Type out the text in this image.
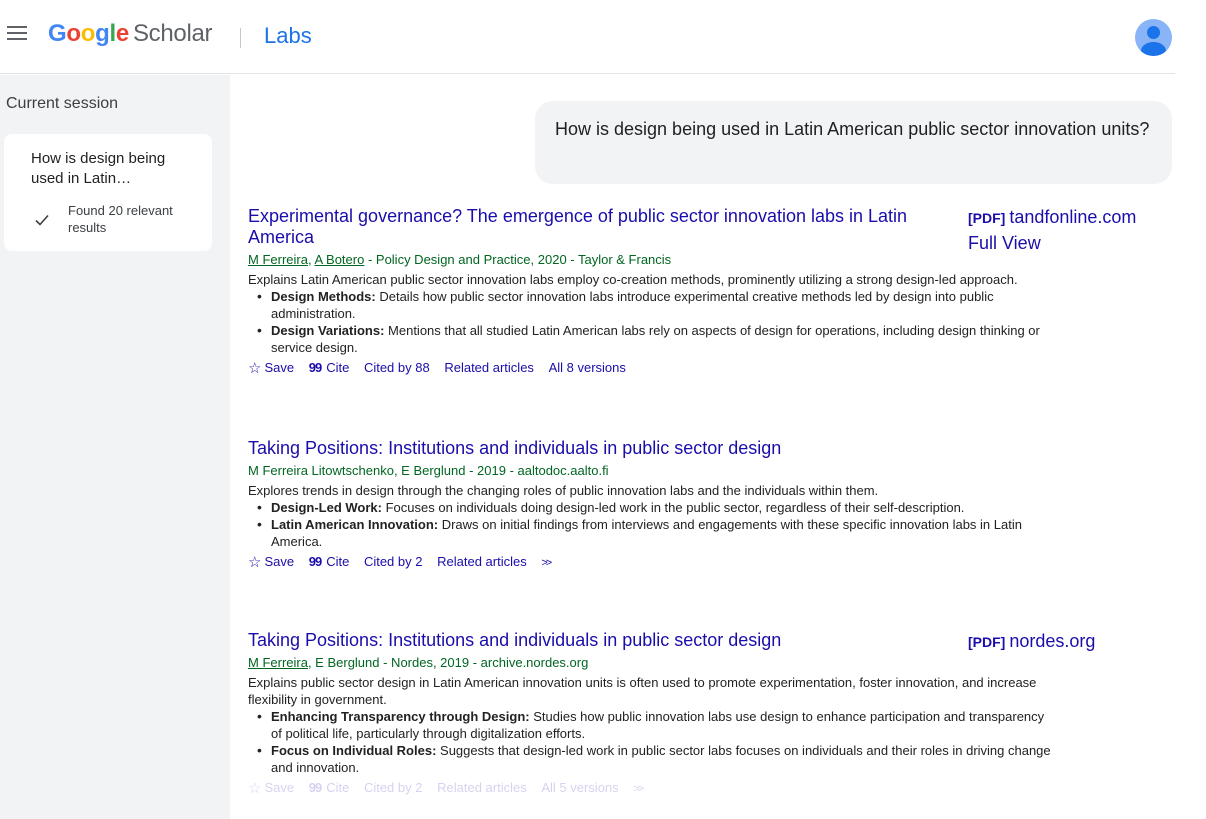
Google Scholar Labs
Current session
How is design being used in Latin…
Found 20 relevant results
How is design being used in Latin American public sector innovation units?
Experimental governance? The emergence of public sector innovation labs in Latin America
M Ferreira, A Botero - Policy Design and Practice, 2020 - Taylor & Francis
Explains Latin American public sector innovation labs employ co-creation methods, prominently utilizing a strong design-led approach.
• Design Methods: Details how public sector innovation labs introduce experimental creative methods led by design into public administration.
• Design Variations: Mentions that all studied Latin American labs rely on aspects of design for operations, including design thinking or service design.
☆ Save 99 Cite Cited by 88 Related articles All 8 versions
[PDF] tandfonline.com
Full View
Taking Positions: Institutions and individuals in public sector design
M Ferreira Litowtschenko, E Berglund - 2019 - aaltodoc.aalto.fi
Explores trends in design through the changing roles of public innovation labs and the individuals within them.
• Design-Led Work: Focuses on individuals doing design-led work in the public sector, regardless of their self-description.
• Latin American Innovation: Draws on initial findings from interviews and engagements with these specific innovation labs in Latin America.
☆ Save 99 Cite Cited by 2 Related articles >>
Taking Positions: Institutions and individuals in public sector design
M Ferreira, E Berglund - Nordes, 2019 - archive.nordes.org
Explains public sector design in Latin American innovation units is often used to promote experimentation, foster innovation, and increase flexibility in government.
• Enhancing Transparency through Design: Studies how public innovation labs use design to enhance participation and transparency of political life, particularly through digitalization efforts.
• Focus on Individual Roles: Suggests that design-led work in public sector labs focuses on individuals and their roles in driving change and innovation.
☆ Save 99 Cite Cited by 2 Related articles All 5 versions >>
[PDF] nordes.org
